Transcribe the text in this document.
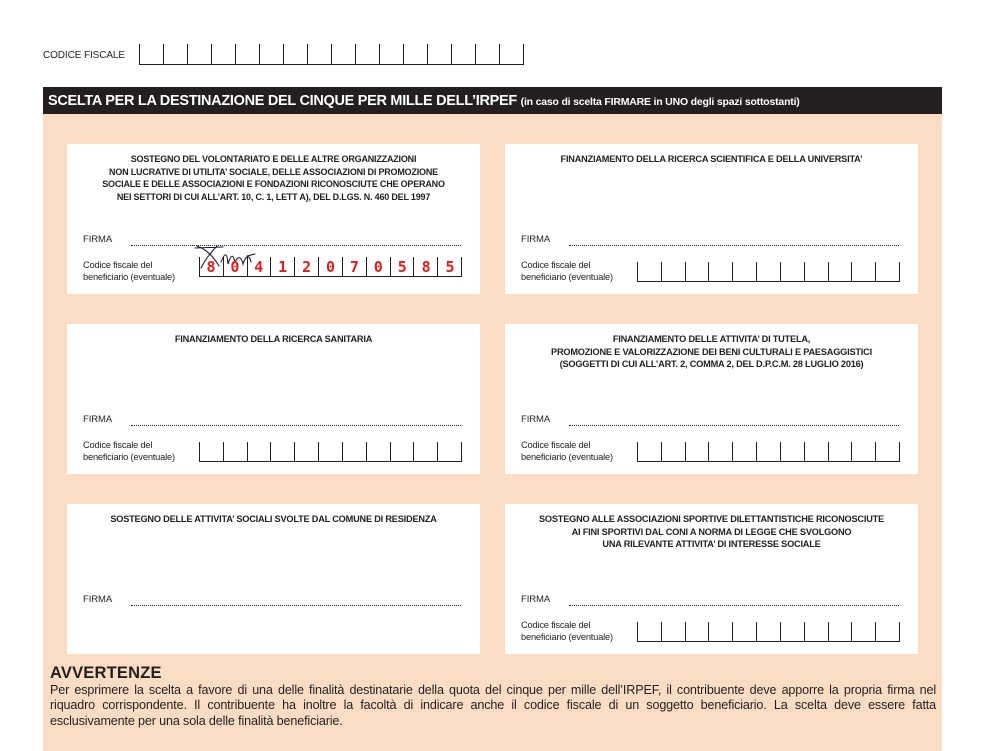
CODICE FISCALE
SCELTA PER LA DESTINAZIONE DEL CINQUE PER MILLE DELL’IRPEF (in caso di scelta FIRMARE in UNO degli spazi sottostanti)
SOSTEGNO DEL VOLONTARIATO E DELLE ALTRE ORGANIZZAZIONI
NON LUCRATIVE DI UTILITA’ SOCIALE, DELLE ASSOCIAZIONI DI PROMOZIONE
SOCIALE E DELLE ASSOCIAZIONI E FONDAZIONI RICONOSCIUTE CHE OPERANO
NEI SETTORI DI CUI ALL’ART. 10, C. 1, LETT A), DEL D.LGS. N. 460 DEL 1997
FIRMA
Codice fiscale del
beneficiario (eventuale)
8 0 4 1 2 0 7 0 5 8 5
FINANZIAMENTO DELLA RICERCA SCIENTIFICA E DELLA UNIVERSITA’
FIRMA
Codice fiscale del
beneficiario (eventuale)
FINANZIAMENTO DELLA RICERCA SANITARIA
FIRMA
Codice fiscale del
beneficiario (eventuale)
FINANZIAMENTO DELLE ATTIVITA’ DI TUTELA,
PROMOZIONE E VALORIZZAZIONE DEI BENI CULTURALI E PAESAGGISTICI
(SOGGETTI DI CUI ALL’ART. 2, COMMA 2, DEL D.P.C.M. 28 LUGLIO 2016)
FIRMA
Codice fiscale del
beneficiario (eventuale)
SOSTEGNO DELLE ATTIVITA’ SOCIALI SVOLTE DAL COMUNE DI RESIDENZA
FIRMA
SOSTEGNO ALLE ASSOCIAZIONI SPORTIVE DILETTANTISTICHE RICONOSCIUTE
AI FINI SPORTIVI DAL CONI A NORMA DI LEGGE CHE SVOLGONO
UNA RILEVANTE ATTIVITA’ DI INTERESSE SOCIALE
FIRMA
Codice fiscale del
beneficiario (eventuale)
AVVERTENZE
Per esprimere la scelta a favore di una delle finalità destinatarie della quota del cinque per mille dell’IRPEF, il contribuente deve apporre la propria firma nel riquadro corrispondente. Il contribuente ha inoltre la facoltà di indicare anche il codice fiscale di un soggetto beneficiario. La scelta deve essere fatta esclusivamente per una sola delle finalità beneficiarie.
